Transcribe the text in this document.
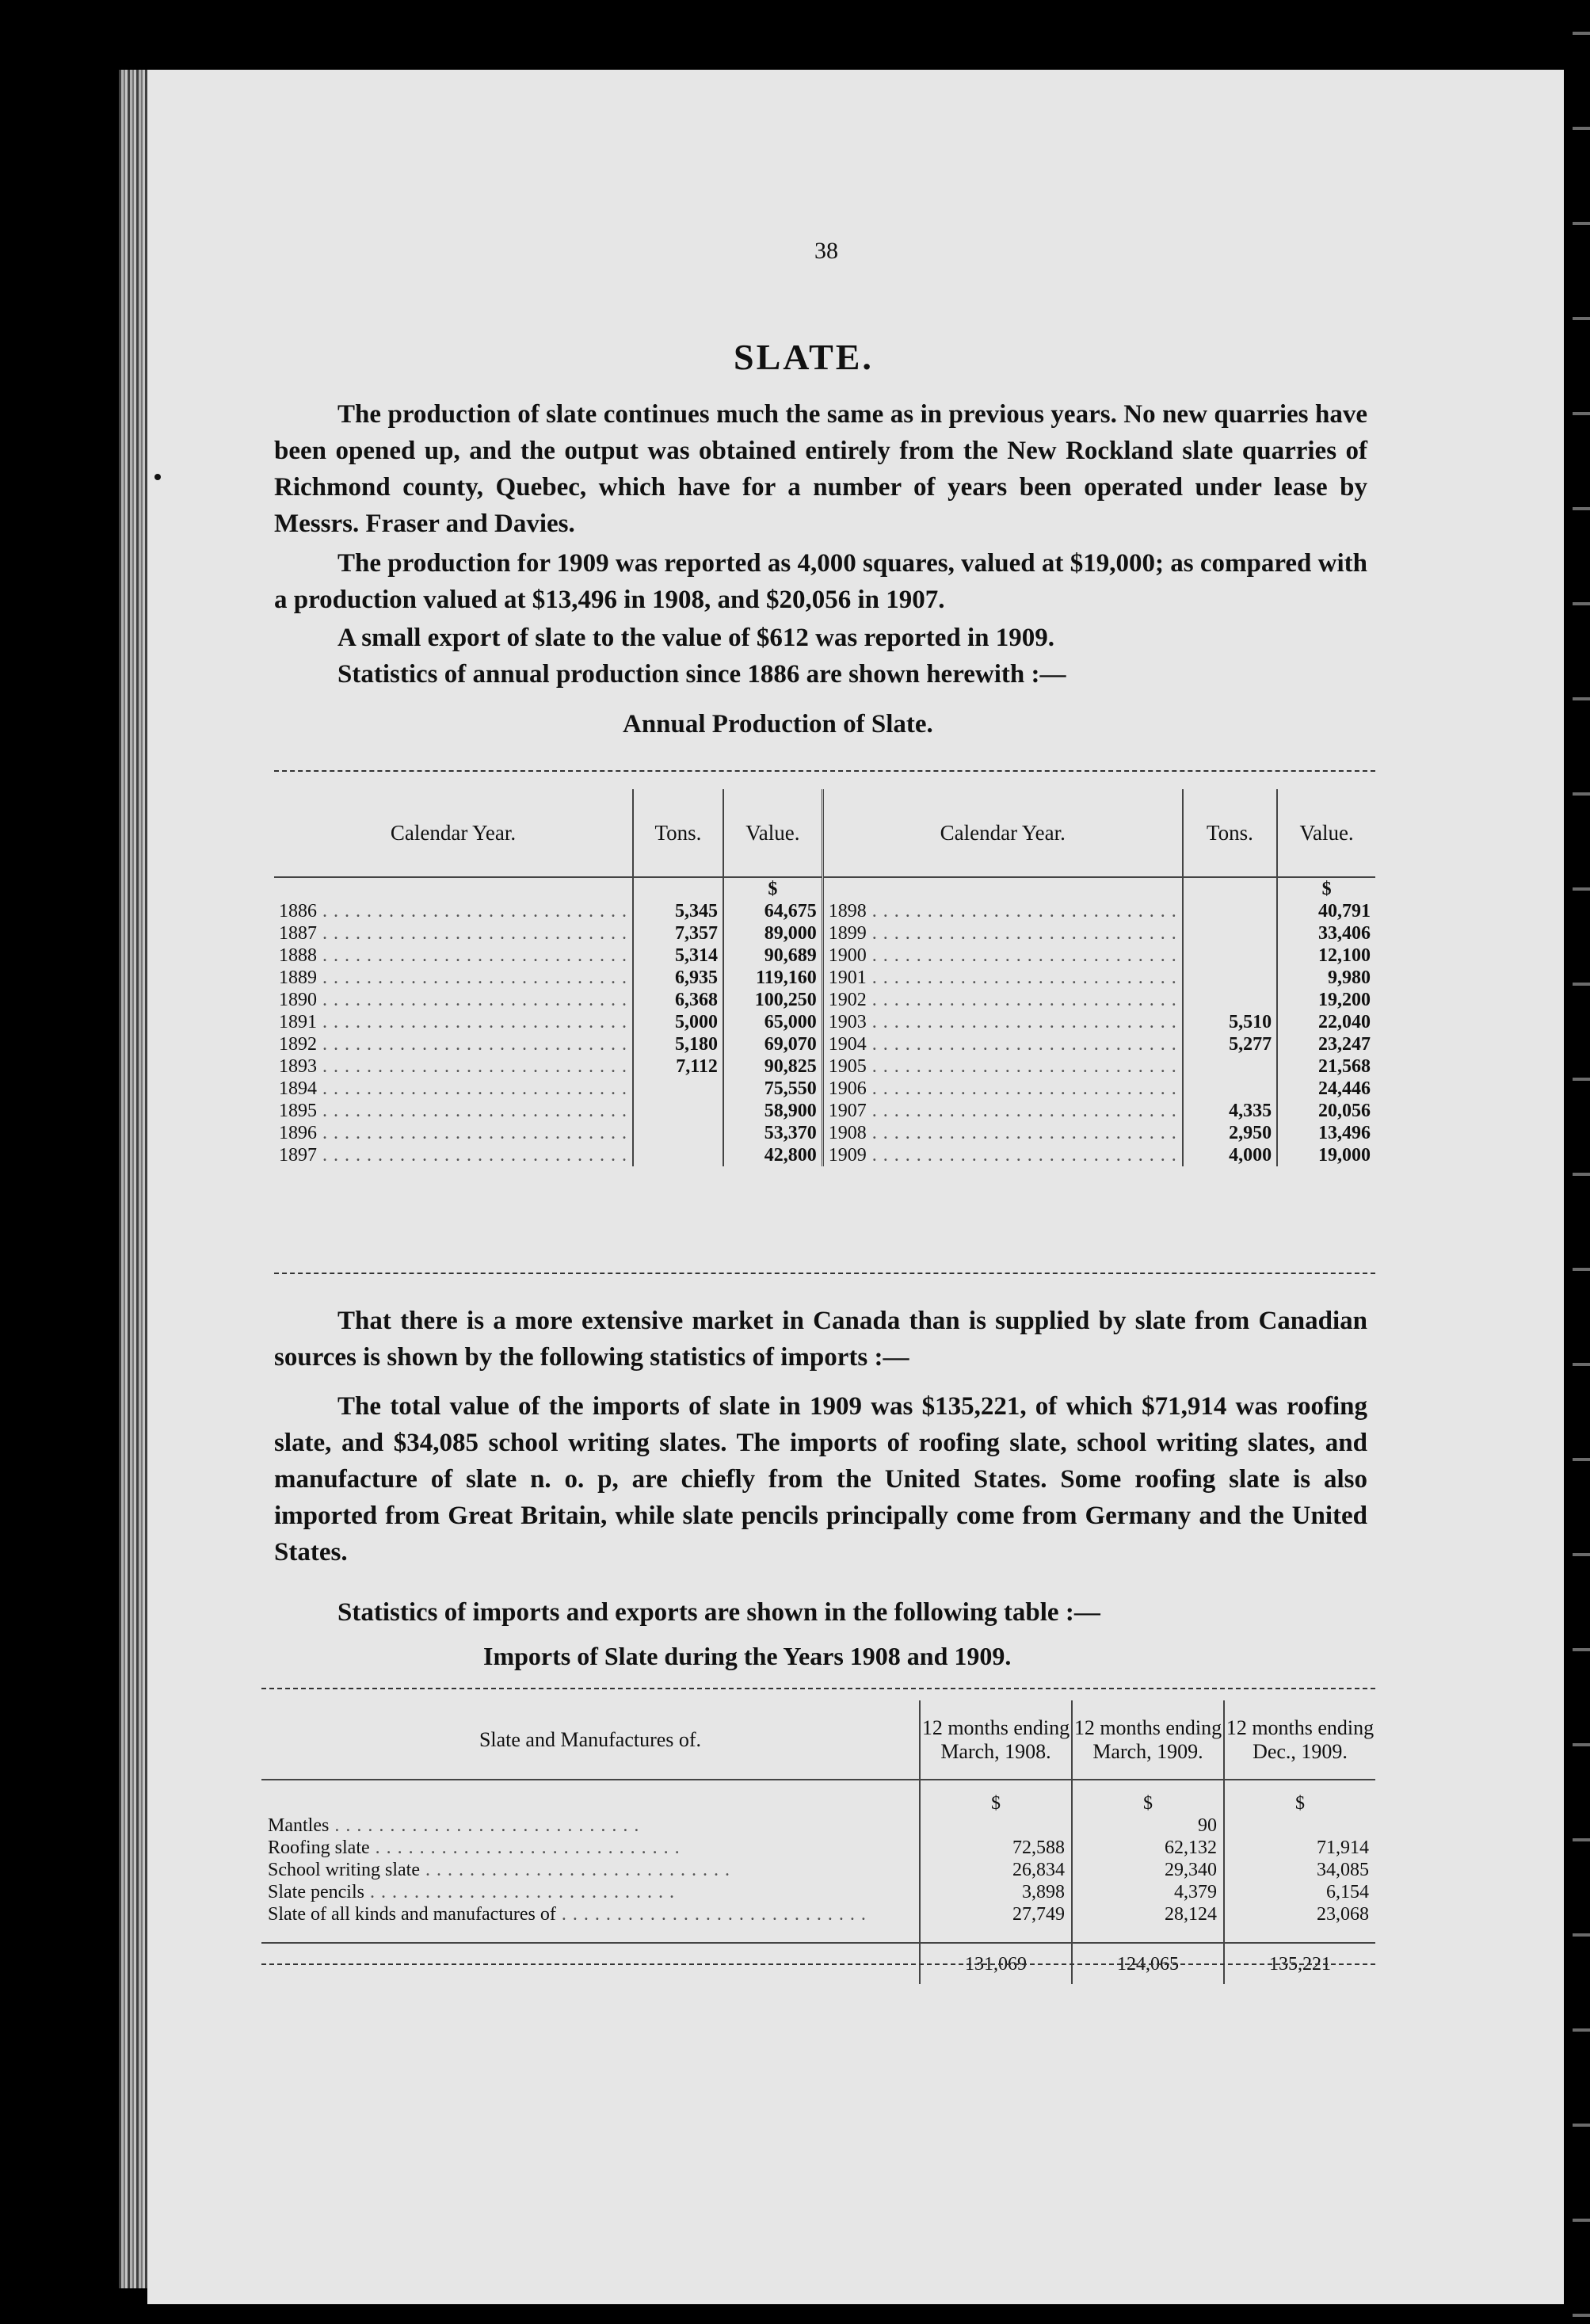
38
SLATE.
The production of slate continues much the same as in previous years. No new quarries have been opened up, and the output was obtained entirely from the New Rockland slate quarries of Richmond county, Quebec, which have for a number of years been operated under lease by Messrs. Fraser and Davies.
The production for 1909 was reported as 4,000 squares, valued at $19,000; as compared with a production valued at $13,496 in 1908, and $20,056 in 1907.
A small export of slate to the value of $612 was reported in 1909.
Statistics of annual production since 1886 are shown herewith :—
Annual Production of Slate.
Calendar Year.	Tons.	Value.	Calendar Year.	Tons.	Value.
		$			$
1886 . . .	5,345	64,675	1898 . . .		40,791
1887 . . .	7,357	89,000	1899 . . .		33,406
1888 . . .	5,314	90,689	1900 . . .		12,100
1889 . . .	6,935	119,160	1901 . . .		9,980
1890 . . .	6,368	100,250	1902 . . .		19,200
1891 . . .	5,000	65,000	1903 . . .	5,510	22,040
1892 . . .	5,180	69,070	1904 . . .	5,277	23,247
1893 . . .	7,112	90,825	1905 . . .		21,568
1894 . . .		75,550	1906 . . .		24,446
1895 . . .		58,900	1907 . . .	4,335	20,056
1896 . . .		53,370	1908 . . .	2,950	13,496
1897 . . .		42,800	1909 . . .	4,000	19,000
That there is a more extensive market in Canada than is supplied by slate from Canadian sources is shown by the following statistics of imports :—
The total value of the imports of slate in 1909 was $135,221, of which $71,914 was roofing slate, and $34,085 school writing slates. The imports of roofing slate, school writing slates, and manufacture of slate n. o. p, are chiefly from the United States. Some roofing slate is also imported from Great Britain, while slate pencils principally come from Germany and the United States.
Statistics of imports and exports are shown in the following table :—
Imports of Slate during the Years 1908 and 1909.
Slate and Manufactures of.	12 months ending March, 1908.	12 months ending March, 1909.	12 months ending Dec., 1909.
	$	$	$
Mantles . . .		90	
Roofing slate . . .	72,588	62,132	71,914
School writing slate . . .	26,834	29,340	34,085
Slate pencils . . .	3,898	4,379	6,154
Slate of all kinds and manufactures of . . .	27,749	28,124	23,068

	131,069	124,065	135,221
